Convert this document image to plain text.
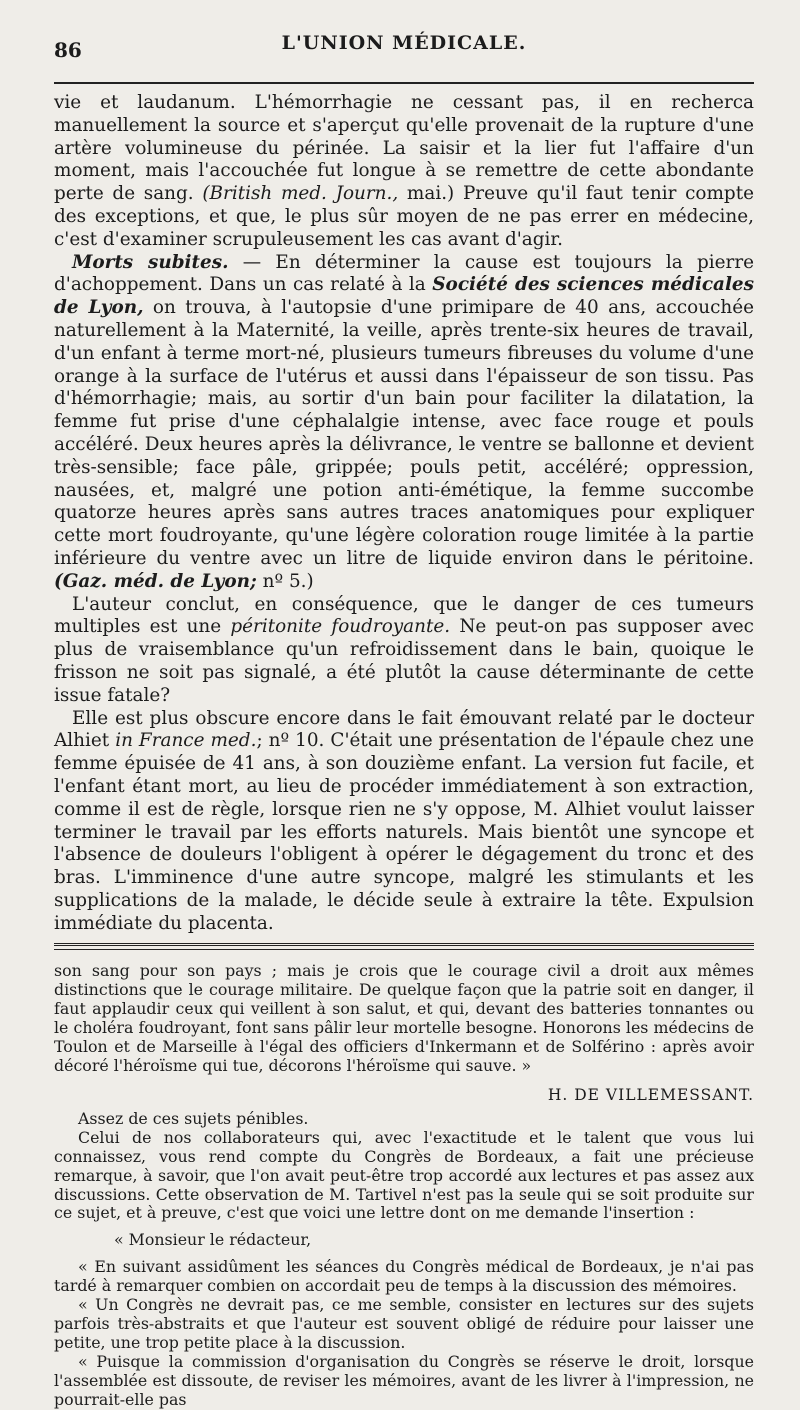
86	L'UNION MÉDICALE.

vie et laudanum. L'hémorrhagie ne cessant pas, il en recherca manuellement la source et s'aperçut qu'elle provenait de la rupture d'une artère volumineuse du périnée. La saisir et la lier fut l'affaire d'un moment, mais l'accouchée fut longue à se remettre de cette abondante perte de sang. (British med. Journ., mai.) Preuve qu'il faut tenir compte des exceptions, et que, le plus sûr moyen de ne pas errer en médecine, c'est d'examiner scrupuleusement les cas avant d'agir.

Morts subites. — En déterminer la cause est toujours la pierre d'achoppement. Dans un cas relaté à la Société des sciences médicales de Lyon, on trouva, à l'autopsie d'une primipare de 40 ans, accouchée naturellement à la Maternité, la veille, après trente-six heures de travail, d'un enfant à terme mort-né, plusieurs tumeurs fibreuses du volume d'une orange à la surface de l'utérus et aussi dans l'épaisseur de son tissu. Pas d'hémorrhagie; mais, au sortir d'un bain pour faciliter la dilatation, la femme fut prise d'une céphalalgie intense, avec face rouge et pouls accéléré. Deux heures après la délivrance, le ventre se ballonne et devient très-sensible; face pâle, grippée; pouls petit, accéléré; oppression, nausées, et, malgré une potion anti-émétique, la femme succombe quatorze heures après sans autres traces anatomiques pour expliquer cette mort foudroyante, qu'une légère coloration rouge limitée à la partie inférieure du ventre avec un litre de liquide environ dans le péritoine. (Gaz. méd. de Lyon; nº 5.)

L'auteur conclut, en conséquence, que le danger de ces tumeurs multiples est une péritonite foudroyante. Ne peut-on pas supposer avec plus de vraisemblance qu'un refroidissement dans le bain, quoique le frisson ne soit pas signalé, a été plutôt la cause déterminante de cette issue fatale?

Elle est plus obscure encore dans le fait émouvant relaté par le docteur Alhiet in France med.; nº 10. C'était une présentation de l'épaule chez une femme épuisée de 41 ans, à son douzième enfant. La version fut facile, et l'enfant étant mort, au lieu de procéder immédiatement à son extraction, comme il est de règle, lorsque rien ne s'y oppose, M. Alhiet voulut laisser terminer le travail par les efforts naturels. Mais bientôt une syncope et l'absence de douleurs l'obligent à opérer le dégagement du tronc et des bras. L'imminence d'une autre syncope, malgré les stimulants et les supplications de la malade, le décide seule à extraire la tête. Expulsion immédiate du placenta.

son sang pour son pays ; mais je crois que le courage civil a droit aux mêmes distinctions que le courage militaire. De quelque façon que la patrie soit en danger, il faut applaudir ceux qui veillent à son salut, et qui, devant des batteries tonnantes ou le choléra foudroyant, font sans pâlir leur mortelle besogne. Honorons les médecins de Toulon et de Marseille à l'égal des officiers d'Inkermann et de Solférino : après avoir décoré l'héroïsme qui tue, décorons l'héroïsme qui sauve. »

H. DE VILLEMESSANT.

Assez de ces sujets pénibles.

Celui de nos collaborateurs qui, avec l'exactitude et le talent que vous lui connaissez, vous rend compte du Congrès de Bordeaux, a fait une précieuse remarque, à savoir, que l'on avait peut-être trop accordé aux lectures et pas assez aux discussions. Cette observation de M. Tartivel n'est pas la seule qui se soit produite sur ce sujet, et à preuve, c'est que voici une lettre dont on me demande l'insertion :

« Monsieur le rédacteur,

« En suivant assidûment les séances du Congrès médical de Bordeaux, je n'ai pas tardé à remarquer combien on accordait peu de temps à la discussion des mémoires.

« Un Congrès ne devrait pas, ce me semble, consister en lectures sur des sujets parfois très-abstraits et que l'auteur est souvent obligé de réduire pour laisser une petite, une trop petite place à la discussion.

« Puisque la commission d'organisation du Congrès se réserve le droit, lorsque l'assemblée est dissoute, de reviser les mémoires, avant de les livrer à l'impression, ne pourrait-elle pas
